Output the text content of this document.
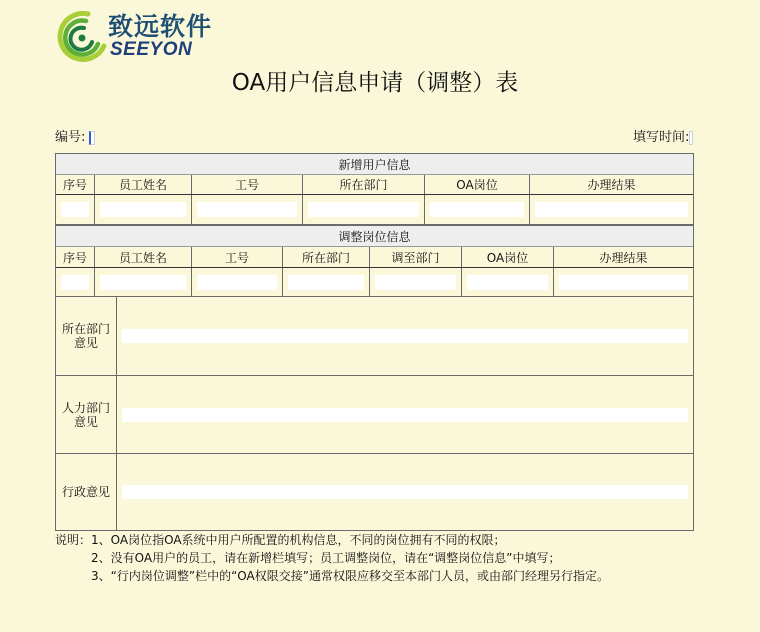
致远软件
SEEYON
OA用户信息申请（调整）表
编号:	填写时间:
新增用户信息
序号	员工姓名	工号	所在部门	OA岗位	办理结果
调整岗位信息
序号	员工姓名	工号	所在部门	调至部门	OA岗位	办理结果
所在部门
意见
人力部门
意见
行政意见
说明： 1、OA岗位指OA系统中用户所配置的机构信息，不同的岗位拥有不同的权限；
2、没有OA用户的员工，请在新增栏填写；员工调整岗位，请在“调整岗位信息”中填写；
3、“行内岗位调整”栏中的“OA权限交接”通常权限应移交至本部门人员，或由部门经理另行指定。
